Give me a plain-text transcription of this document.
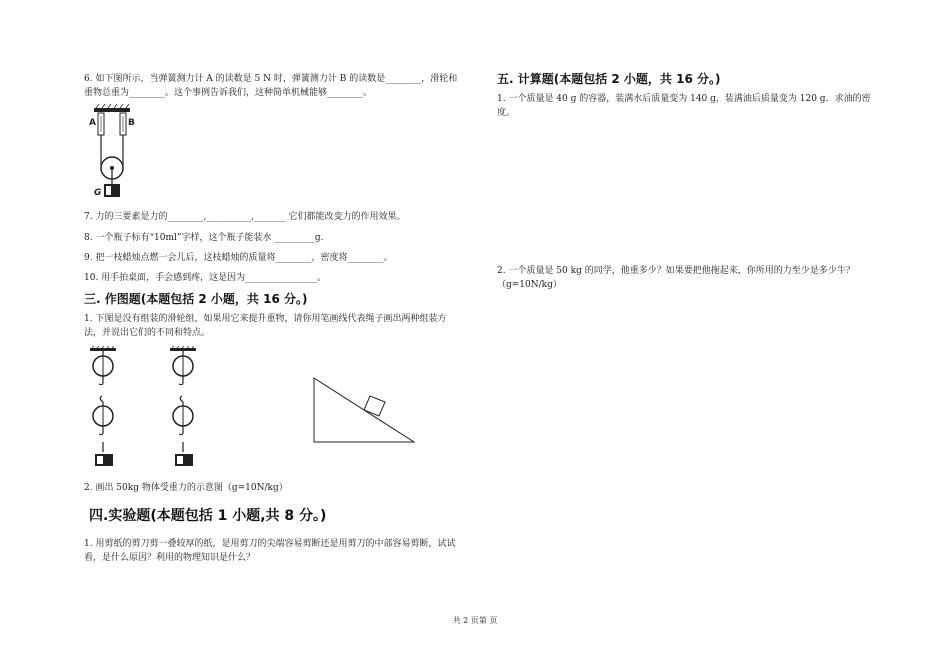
6. 如下图所示，当弹簧测力计 A 的读数是 5 N 时，弹簧测力计 B 的读数是________，滑轮和重物总重为________。这个事例告诉我们，这种简单机械能够________。

A	B
G

7. 力的三要素是力的________,__________,_______ 它们都能改变力的作用效果。

8. 一个瓶子标有“10ml”字样，这个瓶子能装水 _________g.

9. 把一枝蜡烛点燃一会儿后，这枝蜡烛的质量将________，密度将________。

10. 用手拍桌面，手会感到疼，这是因为________________。

三. 作图题(本题包括 2 小题，共 16 分。)

1. 下图是没有组装的滑轮组，如果用它来提升重物，请你用笔画线代表绳子画出两种组装方法，并说出它们的不同和特点。

2. 画出 50kg 物体受重力的示意图（g=10N/kg）

四.实验题(本题包括 1 小题,共 8 分。)

1. 用剪纸的剪刀剪一叠较厚的纸，是用剪刀的尖端容易剪断还是用剪刀的中部容易剪断，试试看，是什么原因？利用的物理知识是什么？

五. 计算题(本题包括 2 小题，共 16 分。)

1. 一个质量是 40 g 的容器，装满水后质量变为 140 g，装满油后质量变为 120 g．求油的密度。

2. 一个质量是 50 kg 的同学，他重多少？如果要把他拖起来，你所用的力至少是多少牛？（g=10N/kg）

共 2 页第 页
